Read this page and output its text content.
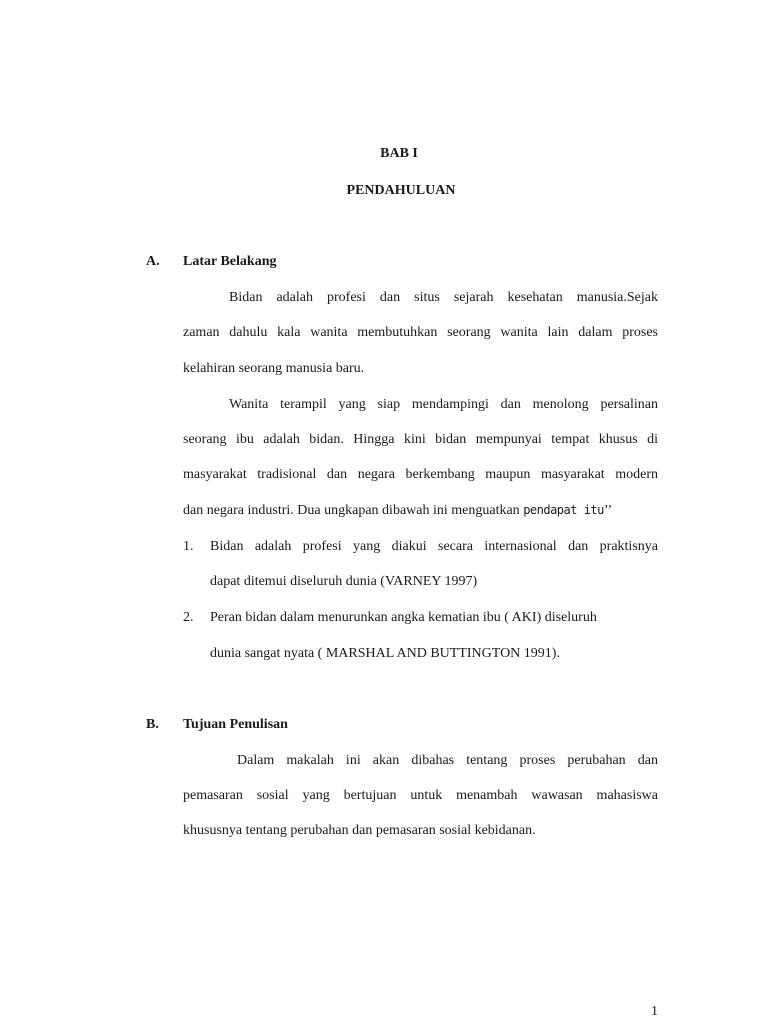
BAB I
PENDAHULUAN
A. Latar Belakang
Bidan adalah profesi dan situs sejarah kesehatan manusia.Sejak
zaman dahulu kala wanita membutuhkan seorang wanita lain dalam proses
kelahiran seorang manusia baru.
Wanita terampil yang siap mendampingi dan menolong persalinan
seorang ibu adalah bidan. Hingga kini bidan mempunyai tempat khusus di
masyarakat tradisional dan negara berkembang maupun masyarakat modern
dan negara industri. Dua ungkapan dibawah ini menguatkan pendapat itu’’
1. Bidan adalah profesi yang diakui secara internasional dan praktisnya
dapat ditemui diseluruh dunia (VARNEY 1997)
2. Peran bidan dalam menurunkan angka kematian ibu ( AKI) diseluruh
dunia sangat nyata ( MARSHAL AND BUTTINGTON 1991).
B. Tujuan Penulisan
Dalam makalah ini akan dibahas tentang proses perubahan dan
pemasaran sosial yang bertujuan untuk menambah wawasan mahasiswa
khususnya tentang perubahan dan pemasaran sosial kebidanan.
1
